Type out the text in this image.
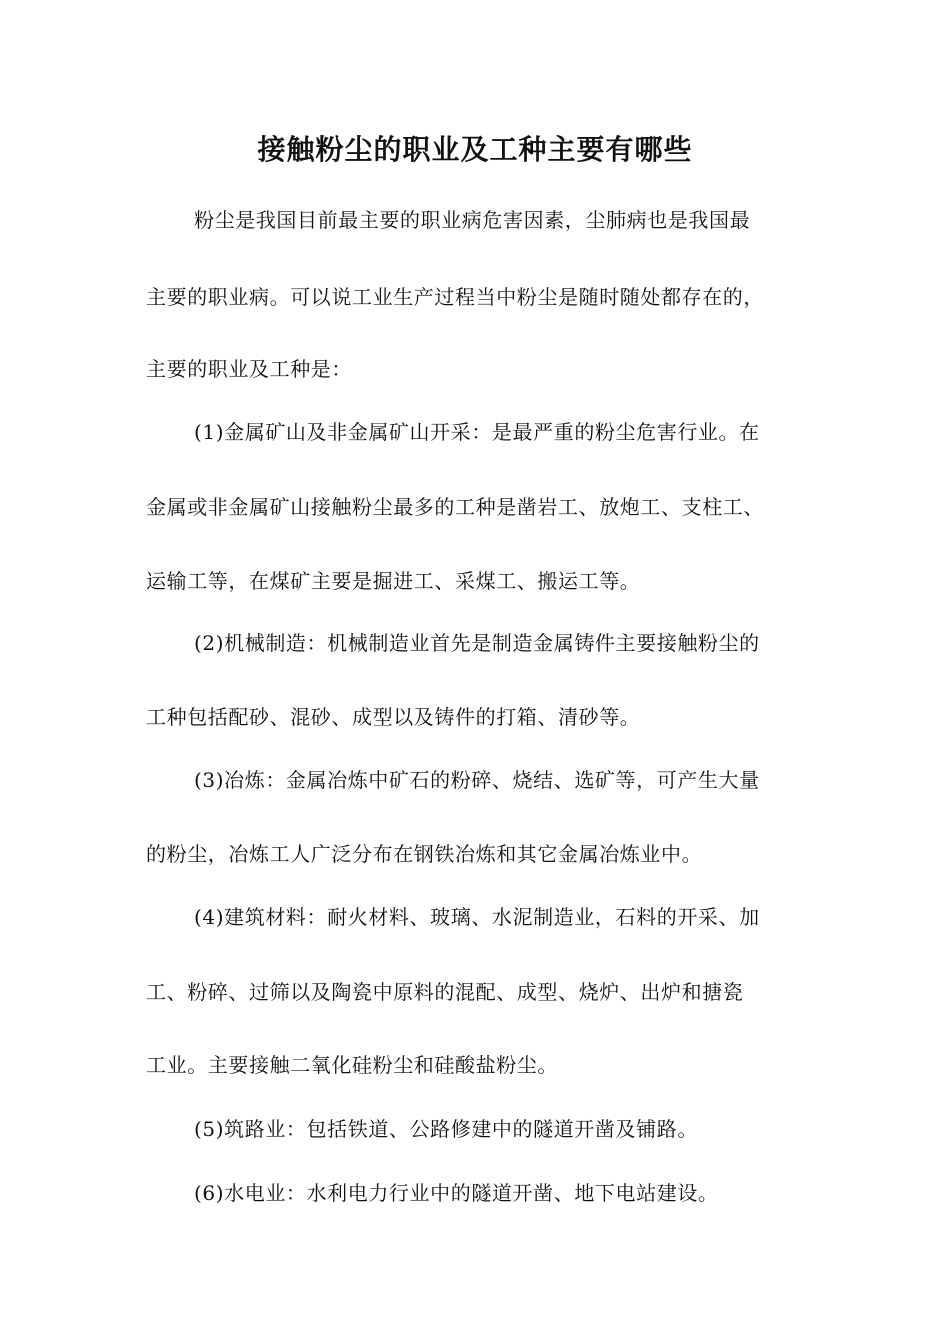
接触粉尘的职业及工种主要有哪些
粉尘是我国目前最主要的职业病危害因素，尘肺病也是我国最
主要的职业病。可以说工业生产过程当中粉尘是随时随处都存在的，
主要的职业及工种是：
(1)金属矿山及非金属矿山开采：是最严重的粉尘危害行业。在
金属或非金属矿山接触粉尘最多的工种是凿岩工、放炮工、支柱工、
运输工等，在煤矿主要是掘进工、采煤工、搬运工等。
(2)机械制造：机械制造业首先是制造金属铸件主要接触粉尘的
工种包括配砂、混砂、成型以及铸件的打箱、清砂等。
(3)冶炼：金属冶炼中矿石的粉碎、烧结、选矿等，可产生大量
的粉尘，冶炼工人广泛分布在钢铁冶炼和其它金属冶炼业中。
(4)建筑材料：耐火材料、玻璃、水泥制造业，石料的开采、加
工、粉碎、过筛以及陶瓷中原料的混配、成型、烧炉、出炉和搪瓷
工业。主要接触二氧化硅粉尘和硅酸盐粉尘。
(5)筑路业：包括铁道、公路修建中的隧道开凿及铺路。
(6)水电业：水利电力行业中的隧道开凿、地下电站建设。
